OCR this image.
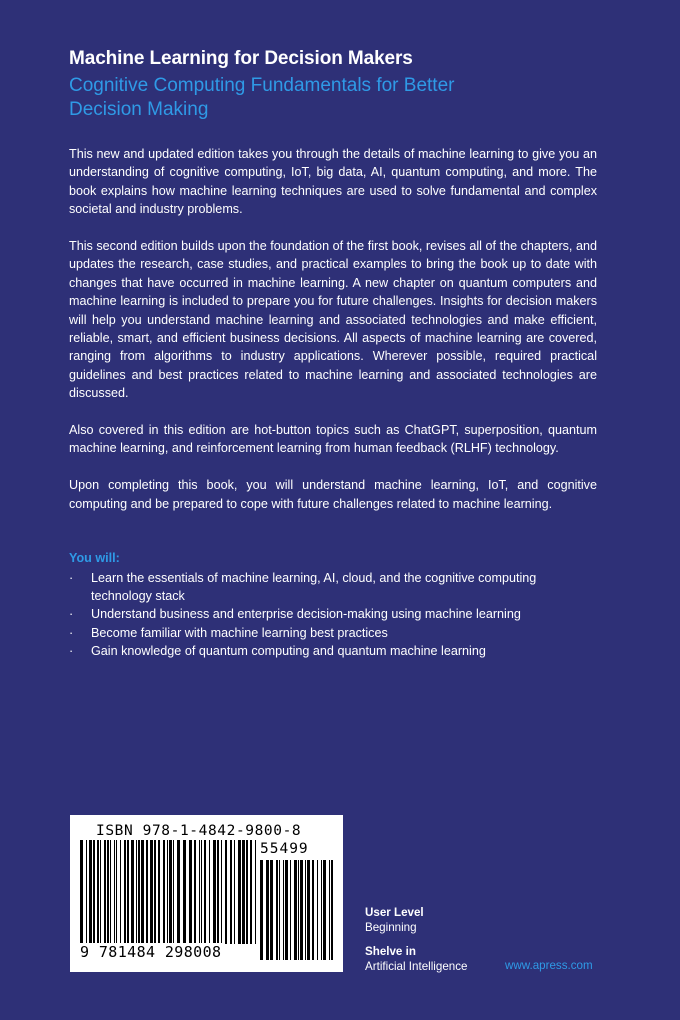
Machine Learning for Decision Makers
Cognitive Computing Fundamentals for Better Decision Making

This new and updated edition takes you through the details of machine learning to give you an understanding of cognitive computing, IoT, big data, AI, quantum computing, and more. The book explains how machine learning techniques are used to solve fundamental and complex societal and industry problems.

This second edition builds upon the foundation of the first book, revises all of the chapters, and updates the research, case studies, and practical examples to bring the book up to date with changes that have occurred in machine learning. A new chapter on quantum computers and machine learning is included to prepare you for future challenges. Insights for decision makers will help you understand machine learning and associated technologies and make efficient, reliable, smart, and efficient business decisions. All aspects of machine learning are covered, ranging from algorithms to industry applications. Wherever possible, required practical guidelines and best practices related to machine learning and associated technologies are discussed.

Also covered in this edition are hot-button topics such as ChatGPT, superposition, quantum machine learning, and reinforcement learning from human feedback (RLHF) technology.

Upon completing this book, you will understand machine learning, IoT, and cognitive computing and be prepared to cope with future challenges related to machine learning.

You will:
· Learn the essentials of machine learning, AI, cloud, and the cognitive computing technology stack
· Understand business and enterprise decision-making using machine learning
· Become familiar with machine learning best practices
· Gain knowledge of quantum computing and quantum machine learning
ISBN 978-1-4842-9800-8
55499
9 781484 298008
User Level
Beginning
Shelve in
Artificial Intelligence	www.apress.com
